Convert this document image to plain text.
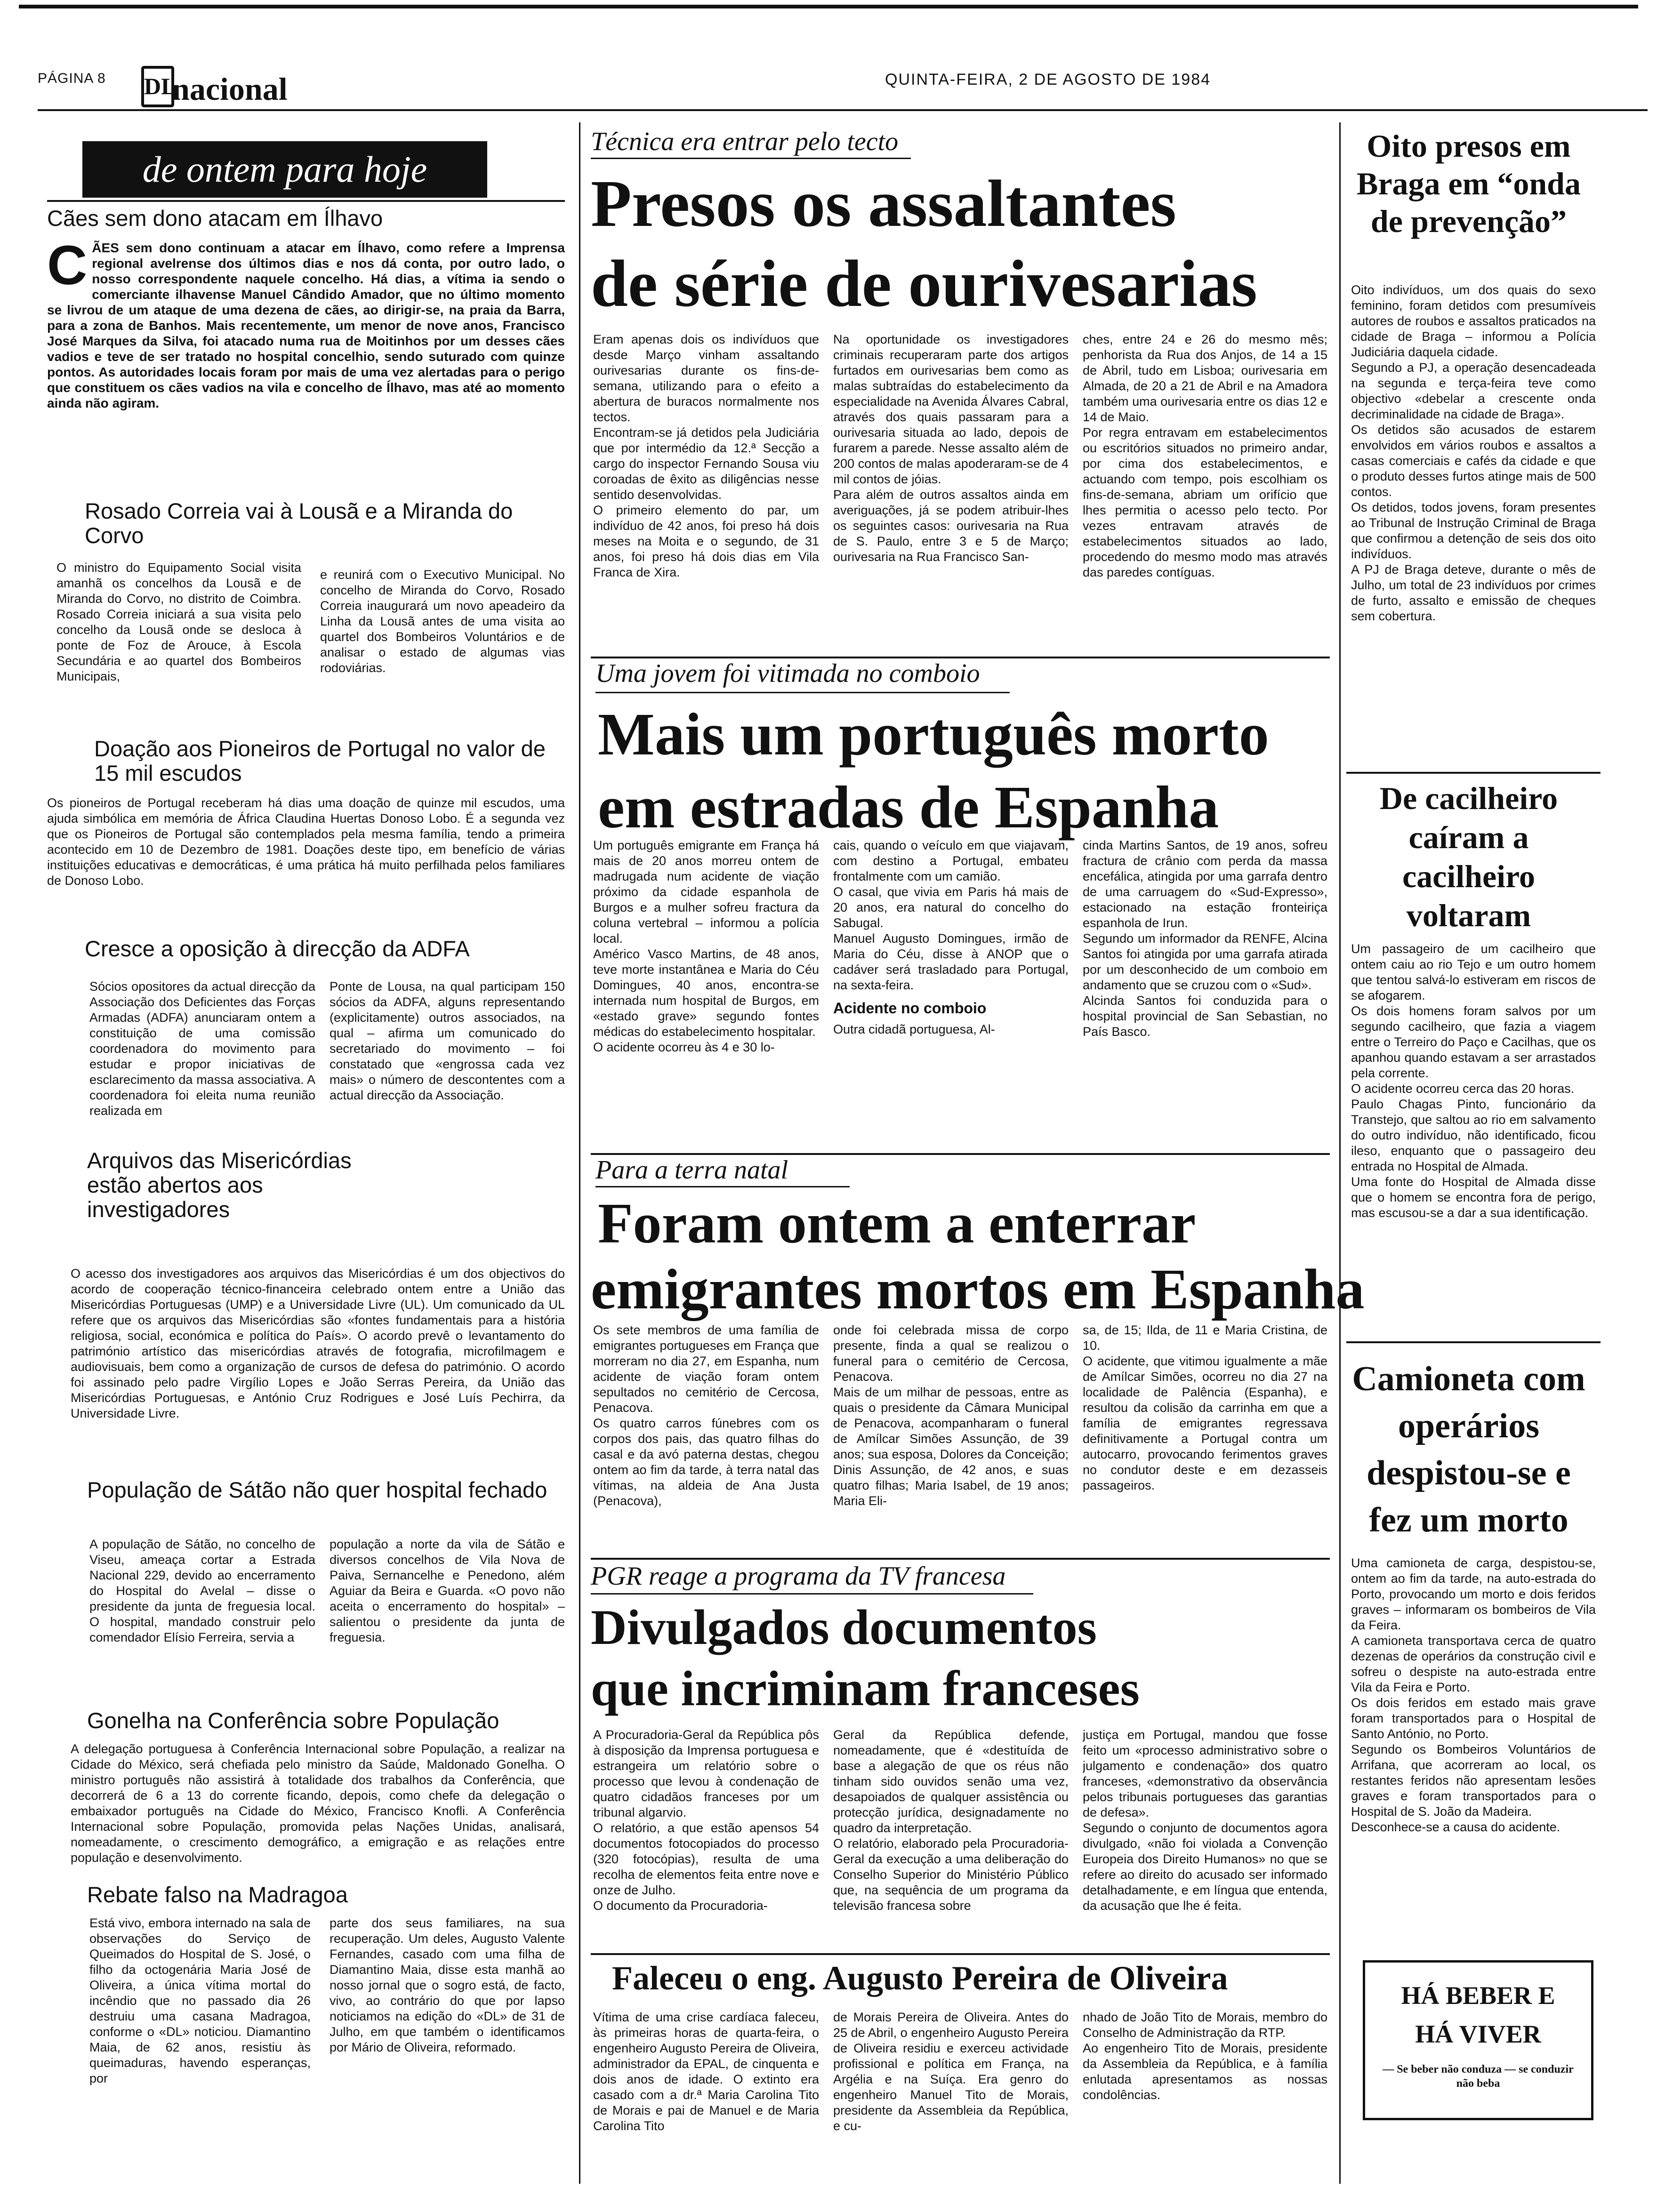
PÁGINA 8 DL
nacional	QUINTA-FEIRA, 2 DE AGOSTO DE 1984
de ontem para hoje
Cães sem dono atacam em Ílhavo
C ÃES sem dono continuam a atacar em Ílhavo, como refere a Imprensa regional avelrense dos últimos dias e nos dá conta, por outro lado, o nosso correspondente naquele concelho. Há dias, a vítima ia sendo o comerciante ilhavense Manuel Cândido Amador, que no último momento se livrou de um ataque de uma dezena de cães, ao dirigir-se, na praia da Barra, para a zona de Banhos. Mais recentemente, um menor de nove anos, Francisco José Marques da Silva, foi atacado numa rua de Moitinhos por um desses cães vadios e teve de ser tratado no hospital concelhio, sendo suturado com quinze pontos. As autoridades locais foram por mais de uma vez alertadas para o perigo que constituem os cães vadios na vila e concelho de Ílhavo, mas até ao momento ainda não agiram.
Rosado Correia vai à Lousã e a Miranda do Corvo
O ministro do Equipamento Social visita amanhã os concelhos da Lousã e de Miranda do Corvo, no distrito de Coimbra. Rosado Correia iniciará a sua visita pelo concelho da Lousã onde se desloca à ponte de Foz de Arouce, à Escola Secundária e ao quartel dos Bombeiros Municipais,
e reunirá com o Executivo Municipal. No concelho de Miranda do Corvo, Rosado Correia inaugurará um novo apeadeiro da Linha da Lousã antes de uma visita ao quartel dos Bombeiros Voluntários e de analisar o estado de algumas vias rodoviárias.
Doação aos Pioneiros de Portugal no valor de 15 mil escudos
Os pioneiros de Portugal receberam há dias uma doação de quinze mil escudos, uma ajuda simbólica em memória de África Claudina Huertas Donoso Lobo. É a segunda vez que os Pioneiros de Portugal são contemplados pela mesma família, tendo a primeira acontecido em 10 de Dezembro de 1981. Doações deste tipo, em benefício de várias instituições educativas e democráticas, é uma prática há muito perfilhada pelos familiares de Donoso Lobo.
Cresce a oposição à direcção da ADFA
Sócios opositores da actual direcção da Associação dos Deficientes das Forças Armadas (ADFA) anunciaram ontem a constituição de uma comissão coordenadora do movimento para estudar e propor iniciativas de esclarecimento da massa associativa. A coordenadora foi eleita numa reunião realizada em
Ponte de Lousa, na qual participam 150 sócios da ADFA, alguns representando (explicitamente) outros associados, na qual – afirma um comunicado do secretariado do movimento – foi constatado que «engrossa cada vez mais» o número de descontentes com a actual direcção da Associação.
Arquivos das Misericórdias estão abertos aos investigadores
O acesso dos investigadores aos arquivos das Misericórdias é um dos objectivos do acordo de cooperação técnico-financeira celebrado ontem entre a União das Misericórdias Portuguesas (UMP) e a Universidade Livre (UL). Um comunicado da UL refere que os arquivos das Misericórdias são «fontes fundamentais para a história religiosa, social, económica e política do País». O acordo prevê o levantamento do património artístico das misericórdias através de fotografia, microfilmagem e audiovisuais, bem como a organização de cursos de defesa do património. O acordo foi assinado pelo padre Virgílio Lopes e João Serras Pereira, da União das Misericórdias Portuguesas, e António Cruz Rodrigues e José Luís Pechirra, da Universidade Livre.
População de Sátão não quer hospital fechado
A população de Sátão, no concelho de Viseu, ameaça cortar a Estrada Nacional 229, devido ao encerramento do Hospital do Avelal – disse o presidente da junta de freguesia local. O hospital, mandado construir pelo comendador Elísio Ferreira, servia a
população a norte da vila de Sátão e diversos concelhos de Vila Nova de Paiva, Sernancelhe e Penedono, além Aguiar da Beira e Guarda. «O povo não aceita o encerramento do hospital» – salientou o presidente da junta de freguesia.
Gonelha na Conferência sobre População
A delegação portuguesa à Conferência Internacional sobre População, a realizar na Cidade do México, será chefiada pelo ministro da Saúde, Maldonado Gonelha. O ministro português não assistirá à totalidade dos trabalhos da Conferência, que decorrerá de 6 a 13 do corrente ficando, depois, como chefe da delegação o embaixador português na Cidade do México, Francisco Knofli. A Conferência Internacional sobre População, promovida pelas Nações Unidas, analisará, nomeadamente, o crescimento demográfico, a emigração e as relações entre população e desenvolvimento.
Rebate falso na Madragoa
Está vivo, embora internado na sala de observações do Serviço de Queimados do Hospital de S. José, o filho da octogenária Maria José de Oliveira, a única vítima mortal do incêndio que no passado dia 26 destruiu uma casana Madragoa, conforme o «DL» noticiou. Diamantino Maia, de 62 anos, resistiu às queimaduras, havendo esperanças, por
parte dos seus familiares, na sua recuperação. Um deles, Augusto Valente Fernandes, casado com uma filha de Diamantino Maia, disse esta manhã ao nosso jornal que o sogro está, de facto, vivo, ao contrário do que por lapso noticiamos na edição do «DL» de 31 de Julho, em que também o identificamos por Mário de Oliveira, reformado.
Técnica era entrar pelo tecto
Presos os assaltantes
de série de ourivesarias
Eram apenas dois os indivíduos que desde Março vinham assaltando ourivesarias durante os fins-de-semana, utilizando para o efeito a abertura de buracos normalmente nos tectos.
Encontram-se já detidos pela Judiciária que por intermédio da 12.ª Secção a cargo do inspector Fernando Sousa viu coroadas de êxito as diligências nesse sentido desenvolvidas.
O primeiro elemento do par, um indivíduo de 42 anos, foi preso há dois meses na Moita e o segundo, de 31 anos, foi preso há dois dias em Vila Franca de Xira.
Na oportunidade os investigadores criminais recuperaram parte dos artigos furtados em ourivesarias bem como as malas subtraídas do estabelecimento da especialidade na Avenida Álvares Cabral, através dos quais passaram para a ourivesaria situada ao lado, depois de furarem a parede. Nesse assalto além de 200 contos de malas apoderaram-se de 4 mil contos de jóias.
Para além de outros assaltos ainda em averiguações, já se podem atribuir-lhes os seguintes casos: ourivesaria na Rua de S. Paulo, entre 3 e 5 de Março; ourivesaria na Rua Francisco San-
ches, entre 24 e 26 do mesmo mês; penhorista da Rua dos Anjos, de 14 a 15 de Abril, tudo em Lisboa; ourivesaria em Almada, de 20 a 21 de Abril e na Amadora também uma ourivesaria entre os dias 12 e 14 de Maio.
Por regra entravam em estabelecimentos ou escritórios situados no primeiro andar, por cima dos estabelecimentos, e actuando com tempo, pois escolhiam os fins-de-semana, abriam um orifício que lhes permitia o acesso pelo tecto. Por vezes entravam através de estabelecimentos situados ao lado, procedendo do mesmo modo mas através das paredes contíguas.
Uma jovem foi vitimada no comboio
Mais um português morto
em estradas de Espanha
Um português emigrante em França há mais de 20 anos morreu ontem de madrugada num acidente de viação próximo da cidade espanhola de Burgos e a mulher sofreu fractura da coluna vertebral – informou a polícia local.
Américo Vasco Martins, de 48 anos, teve morte instantânea e Maria do Céu Domingues, 40 anos, encontra-se internada num hospital de Burgos, em «estado grave» segundo fontes médicas do estabelecimento hospitalar.
O acidente ocorreu às 4 e 30 lo-
cais, quando o veículo em que viajavam, com destino a Portugal, embateu frontalmente com um camião.
O casal, que vivia em Paris há mais de 20 anos, era natural do concelho do Sabugal.
Manuel Augusto Domingues, irmão de Maria do Céu, disse à ANOP que o cadáver será trasladado para Portugal, na sexta-feira.
Acidente no comboio
Outra cidadã portuguesa, Al-
cinda Martins Santos, de 19 anos, sofreu fractura de crânio com perda da massa encefálica, atingida por uma garrafa dentro de uma carruagem do «Sud-Expresso», estacionado na estação fronteiriça espanhola de Irun.
Segundo um informador da RENFE, Alcina Santos foi atingida por uma garrafa atirada por um desconhecido de um comboio em andamento que se cruzou com o «Sud».
Alcinda Santos foi conduzida para o hospital provincial de San Sebastian, no País Basco.
Para a terra natal
Foram ontem a enterrar
emigrantes mortos em Espanha
Os sete membros de uma família de emigrantes portugueses em França que morreram no dia 27, em Espanha, num acidente de viação foram ontem sepultados no cemitério de Cercosa, Penacova.
Os quatro carros fúnebres com os corpos dos pais, das quatro filhas do casal e da avó paterna destas, chegou ontem ao fim da tarde, à terra natal das vítimas, na aldeia de Ana Justa (Penacova),
onde foi celebrada missa de corpo presente, finda a qual se realizou o funeral para o cemitério de Cercosa, Penacova.
Mais de um milhar de pessoas, entre as quais o presidente da Câmara Municipal de Penacova, acompanharam o funeral de Amílcar Simões Assunção, de 39 anos; sua esposa, Dolores da Conceição; Dinis Assunção, de 42 anos, e suas quatro filhas; Maria Isabel, de 19 anos; Maria Eli-
sa, de 15; Ilda, de 11 e Maria Cristina, de 10.
O acidente, que vitimou igualmente a mãe de Amílcar Simões, ocorreu no dia 27 na localidade de Palência (Espanha), e resultou da colisão da carrinha em que a família de emigrantes regressava definitivamente a Portugal contra um autocarro, provocando ferimentos graves no condutor deste e em dezasseis passageiros.
PGR reage a programa da TV francesa
Divulgados documentos
que incriminam franceses
A Procuradoria-Geral da República pôs à disposição da Imprensa portuguesa e estrangeira um relatório sobre o processo que levou à condenação de quatro cidadãos franceses por um tribunal algarvio.
O relatório, a que estão apensos 54 documentos fotocopiados do processo (320 fotocópias), resulta de uma recolha de elementos feita entre nove e onze de Julho.
O documento da Procuradoria-
Geral da República defende, nomeadamente, que é «destituída de base a alegação de que os réus não tinham sido ouvidos senão uma vez, desapoiados de qualquer assistência ou protecção jurídica, designadamente no quadro da interpretação.
O relatório, elaborado pela Procuradoria-Geral da execução a uma deliberação do Conselho Superior do Ministério Público que, na sequência de um programa da televisão francesa sobre
justiça em Portugal, mandou que fosse feito um «processo administrativo sobre o julgamento e condenação» dos quatro franceses, «demonstrativo da observância pelos tribunais portugueses das garantias de defesa».
Segundo o conjunto de documentos agora divulgado, «não foi violada a Convenção Europeia dos Direito Humanos» no que se refere ao direito do acusado ser informado detalhadamente, e em língua que entenda, da acusação que lhe é feita.
Faleceu o eng. Augusto Pereira de Oliveira
Vítima de uma crise cardíaca faleceu, às primeiras horas de quarta-feira, o engenheiro Augusto Pereira de Oliveira, administrador da EPAL, de cinquenta e dois anos de idade. O extinto era casado com a dr.ª Maria Carolina Tito de Morais e pai de Manuel e de Maria Carolina Tito
de Morais Pereira de Oliveira. Antes do 25 de Abril, o engenheiro Augusto Pereira de Oliveira residiu e exerceu actividade profissional e política em França, na Argélia e na Suíça. Era genro do engenheiro Manuel Tito de Morais, presidente da Assembleia da República, e cu-
nhado de João Tito de Morais, membro do Conselho de Administração da RTP.
Ao engenheiro Tito de Morais, presidente da Assembleia da República, e à família enlutada apresentamos as nossas condolências.
Oito presos em Braga em “onda de prevenção”
Oito indivíduos, um dos quais do sexo feminino, foram detidos com presumíveis autores de roubos e assaltos praticados na cidade de Braga – informou a Polícia Judiciária daquela cidade.
Segundo a PJ, a operação desencadeada na segunda e terça-feira teve como objectivo «debelar a crescente onda decriminalidade na cidade de Braga».
Os detidos são acusados de estarem envolvidos em vários roubos e assaltos a casas comerciais e cafés da cidade e que o produto desses furtos atinge mais de 500 contos.
Os detidos, todos jovens, foram presentes ao Tribunal de Instrução Criminal de Braga que confirmou a detenção de seis dos oito indivíduos.
A PJ de Braga deteve, durante o mês de Julho, um total de 23 indivíduos por crimes de furto, assalto e emissão de cheques sem cobertura.
De cacilheiro caíram a cacilheiro voltaram
Um passageiro de um cacilheiro que ontem caiu ao rio Tejo e um outro homem que tentou salvá-lo estiveram em riscos de se afogarem.
Os dois homens foram salvos por um segundo cacilheiro, que fazia a viagem entre o Terreiro do Paço e Cacilhas, que os apanhou quando estavam a ser arrastados pela corrente.
O acidente ocorreu cerca das 20 horas.
Paulo Chagas Pinto, funcionário da Transtejo, que saltou ao rio em salvamento do outro indivíduo, não identificado, ficou ileso, enquanto que o passageiro deu entrada no Hospital de Almada.
Uma fonte do Hospital de Almada disse que o homem se encontra fora de perigo, mas escusou-se a dar a sua identificação.
Camioneta com operários despistou-se e fez um morto
Uma camioneta de carga, despistou-se, ontem ao fim da tarde, na auto-estrada do Porto, provocando um morto e dois feridos graves – informaram os bombeiros de Vila da Feira.
A camioneta transportava cerca de quatro dezenas de operários da construção civil e sofreu o despiste na auto-estrada entre Vila da Feira e Porto.
Os dois feridos em estado mais grave foram transportados para o Hospital de Santo António, no Porto.
Segundo os Bombeiros Voluntários de Arrifana, que acorreram ao local, os restantes feridos não apresentam lesões graves e foram transportados para o Hospital de S. João da Madeira.
Desconhece-se a causa do acidente.
HÁ BEBER E
HÁ VIVER
— Se beber não conduza — se conduzir não beba
